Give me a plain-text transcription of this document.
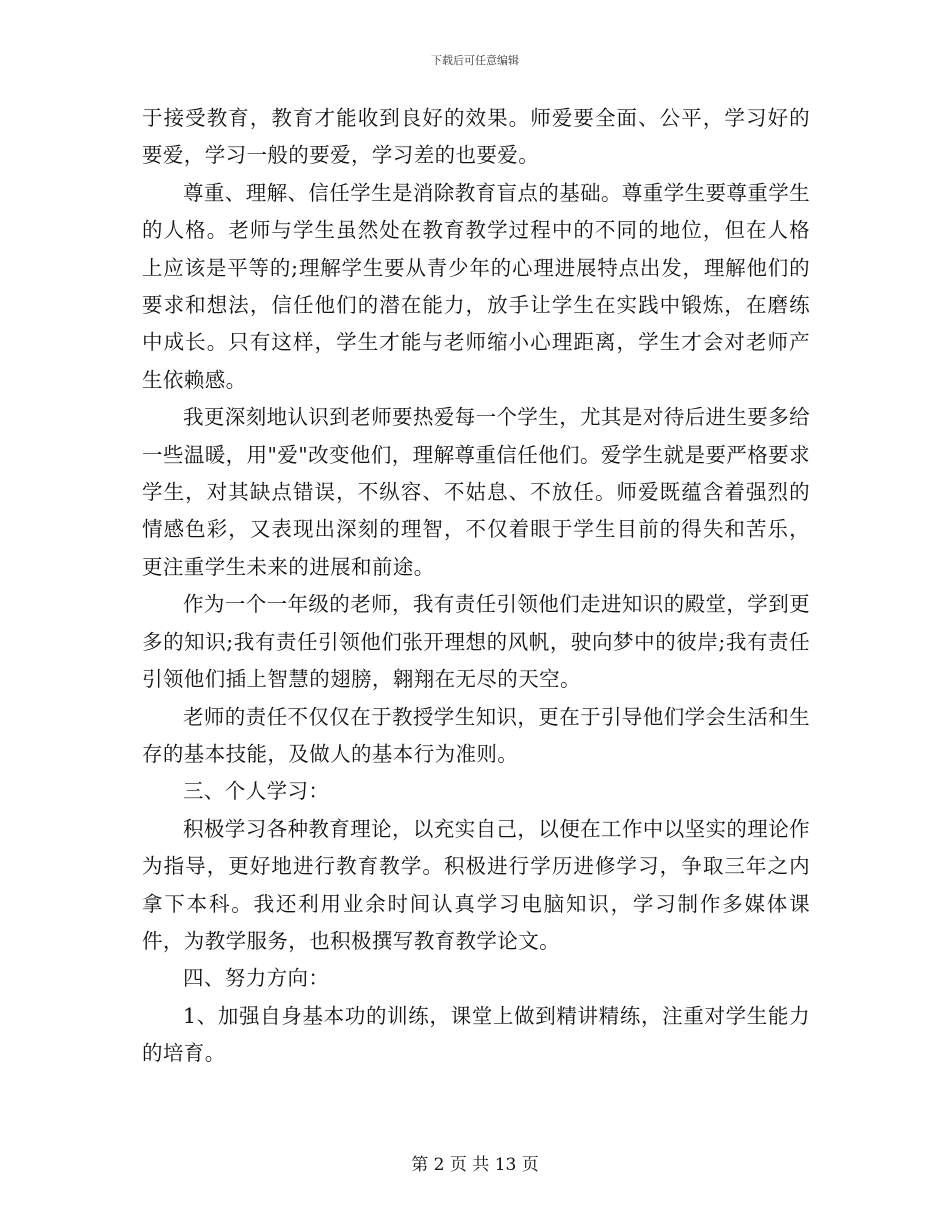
下载后可任意编辑

于接受教育，教育才能收到良好的效果。师爱要全面、公平，学习好的要爱，学习一般的要爱，学习差的也要爱。

尊重、理解、信任学生是消除教育盲点的基础。尊重学生要尊重学生的人格。老师与学生虽然处在教育教学过程中的不同的地位，但在人格上应该是平等的;理解学生要从青少年的心理进展特点出发，理解他们的要求和想法，信任他们的潜在能力，放手让学生在实践中锻炼，在磨练中成长。只有这样，学生才能与老师缩小心理距离，学生才会对老师产生依赖感。

我更深刻地认识到老师要热爱每一个学生，尤其是对待后进生要多给一些温暖，用"爱"改变他们，理解尊重信任他们。爱学生就是要严格要求学生，对其缺点错误，不纵容、不姑息、不放任。师爱既蕴含着强烈的情感色彩，又表现出深刻的理智，不仅着眼于学生目前的得失和苦乐，更注重学生未来的进展和前途。

作为一个一年级的老师，我有责任引领他们走进知识的殿堂，学到更多的知识;我有责任引领他们张开理想的风帆，驶向梦中的彼岸;我有责任引领他们插上智慧的翅膀，翱翔在无尽的天空。

老师的责任不仅仅在于教授学生知识，更在于引导他们学会生活和生存的基本技能，及做人的基本行为准则。

三、个人学习：

积极学习各种教育理论，以充实自己，以便在工作中以坚实的理论作为指导，更好地进行教育教学。积极进行学历进修学习，争取三年之内拿下本科。我还利用业余时间认真学习电脑知识，学习制作多媒体课件，为教学服务，也积极撰写教育教学论文。

四、努力方向：

1、加强自身基本功的训练，课堂上做到精讲精练，注重对学生能力的培育。

第 2 页 共 13 页
